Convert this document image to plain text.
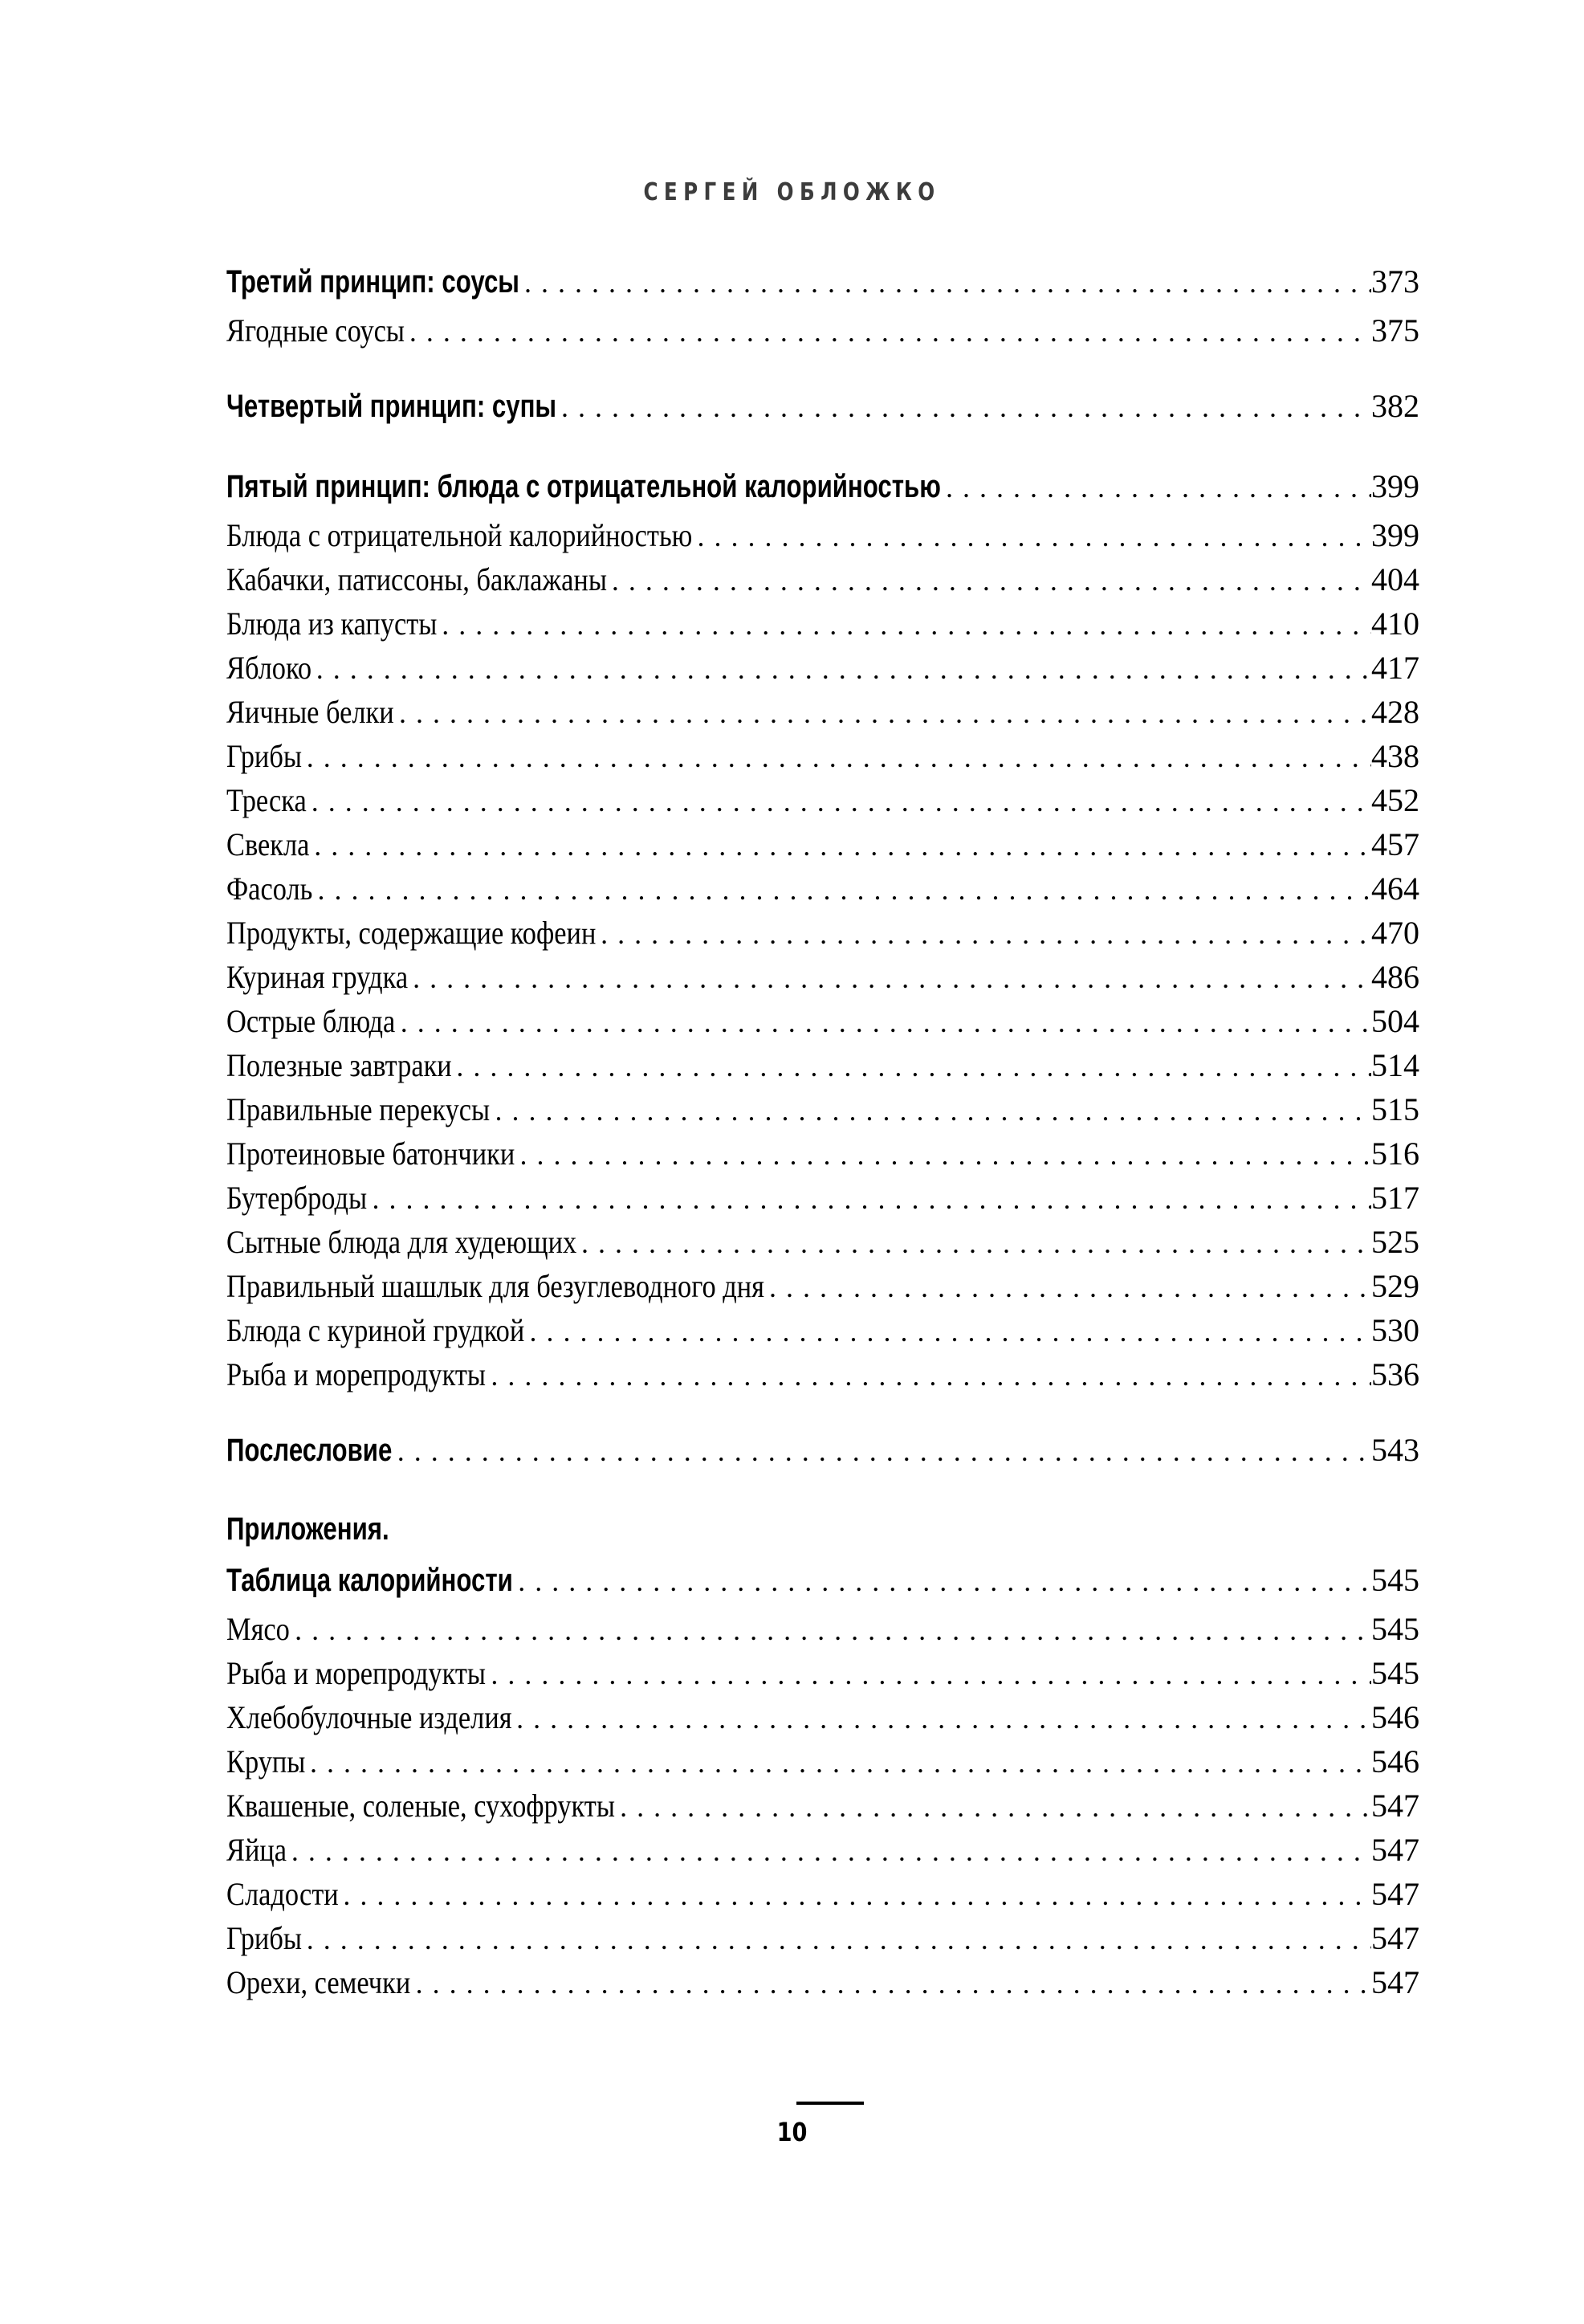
СЕРГЕЙ ОБЛОЖКО
Третий принцип: соусы . . .	373
Ягодные соусы . . .	375
Четвертый принцип: супы . . .	382
Пятый принцип: блюда с отрицательной калорийностью . . .	399
Блюда с отрицательной калорийностью . . .	399
Кабачки, патиссоны, баклажаны . . .	404
Блюда из капусты . . .	410
Яблоко . . .	417
Яичные белки . . .	428
Грибы . . .	438
Треска . . .	452
Свекла . . .	457
Фасоль . . .	464
Продукты, содержащие кофеин . . .	470
Куриная грудка . . .	486
Острые блюда . . .	504
Полезные завтраки . . .	514
Правильные перекусы . . .	515
Протеиновые батончики . . .	516
Бутерброды . . .	517
Сытные блюда для худеющих . . .	525
Правильный шашлык для безуглеводного дня . . .	529
Блюда с куриной грудкой . . .	530
Рыба и морепродукты . . .	536
Послесловие . . .	543
Приложения.
Таблица калорийности . . .	545
Мясо . . .	545
Рыба и морепродукты . . .	545
Хлебобулочные изделия . . .	546
Крупы . . .	546
Квашеные, соленые, сухофрукты . . .	547
Яйца . . .	547
Сладости . . .	547
Грибы . . .	547
Орехи, семечки . . .	547
10
